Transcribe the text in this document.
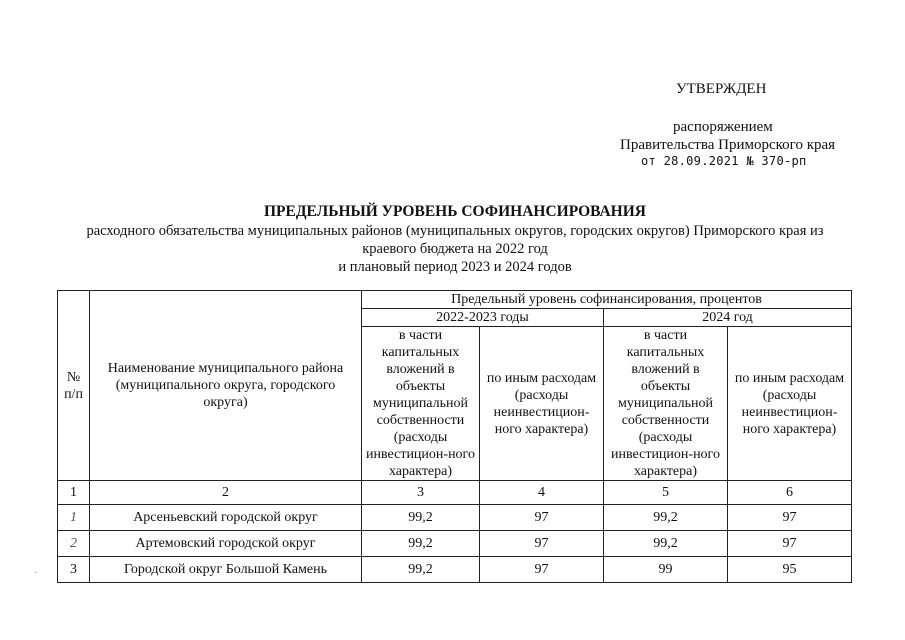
УТВЕРЖДЕН
распоряжением
Правительства Приморского края
от 28.09.2021 № 370-рп
ПРЕДЕЛЬНЫЙ УРОВЕНЬ СОФИНАНСИРОВАНИЯ
расходного обязательства муниципальных районов (муниципальных округов, городских округов) Приморского края из
краевого бюджета на 2022 год
и плановый период 2023 и 2024 годов
·
№ п/п	Наименование муниципального района (муниципального округа, городского округа)	Предельный уровень софинансирования, процентов			
		2022-2023 годы		2024 год	
		в части капитальных вложений в объекты муниципальной собственности (расходы инвестицион-ного характера)	по иным расходам (расходы неинвестицион-ного характера)	в части капитальных вложений в объекты муниципальной собственности (расходы инвестицион-ного характера)	по иным расходам (расходы неинвестицион-ного характера)
1	2	3	4	5	6
1	Арсеньевский городской округ	99,2	97	99,2	97
2	Артемовский городской округ	99,2	97	99,2	97
3	Городской округ Большой Камень	99,2	97	99	95
